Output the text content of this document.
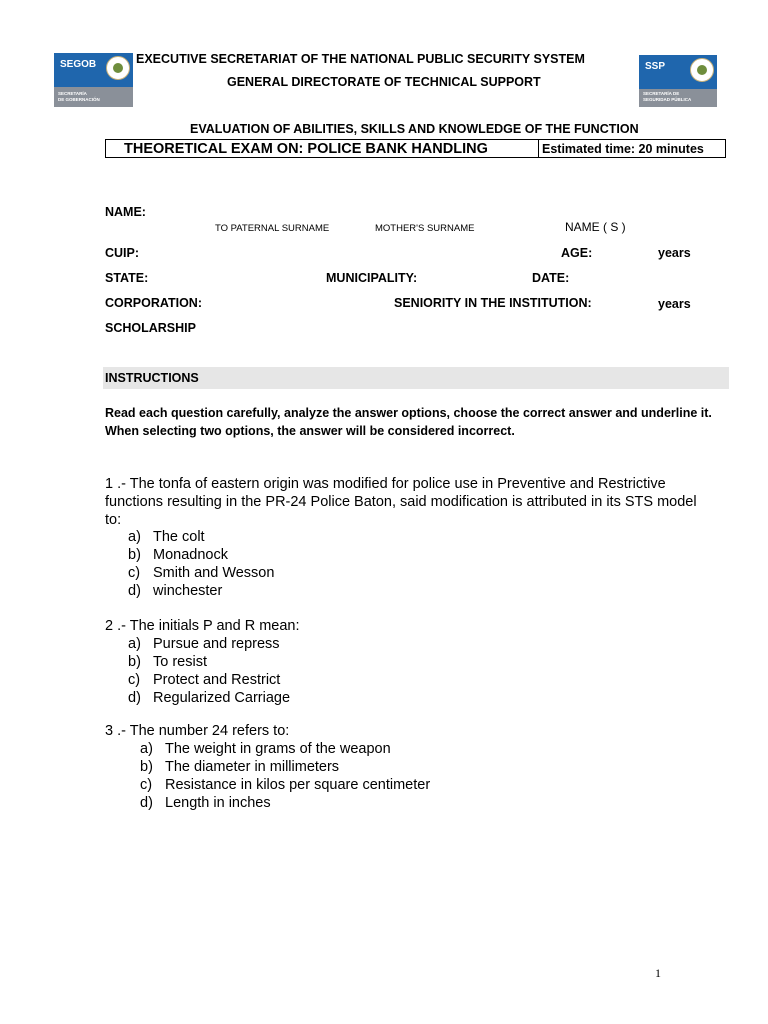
SEGOB
SECRETARÍA
DE GOBERNACIÓN
SSP
SECRETARÍA DE
SEGURIDAD PÚBLICA
EXECUTIVE SECRETARIAT OF THE NATIONAL PUBLIC SECURITY SYSTEM
GENERAL DIRECTORATE OF TECHNICAL SUPPORT
EVALUATION OF ABILITIES, SKILLS AND KNOWLEDGE OF THE FUNCTION
THEORETICAL EXAM ON: POLICE BANK HANDLING	Estimated time: 20 minutes
NAME:
TO PATERNAL SURNAME	MOTHER'S SURNAME	NAME ( S )
CUIP:	AGE:	years
STATE:	MUNICIPALITY:	DATE:
CORPORATION:	SENIORITY IN THE INSTITUTION:	years
SCHOLARSHIP
INSTRUCTIONS
Read each question carefully, analyze the answer options, choose the correct answer and underline it.
When selecting two options, the answer will be considered incorrect.
1 .- The tonfa of eastern origin was modified for police use in Preventive and Restrictive
functions resulting in the PR-24 Police Baton, said modification is attributed in its STS model
to:
a) The colt
b) Monadnock
c) Smith and Wesson
d) winchester
2 .- The initials P and R mean:
a) Pursue and repress
b) To resist
c) Protect and Restrict
d) Regularized Carriage
3 .- The number 24 refers to:
a) The weight in grams of the weapon
b) The diameter in millimeters
c) Resistance in kilos per square centimeter
d) Length in inches
1
